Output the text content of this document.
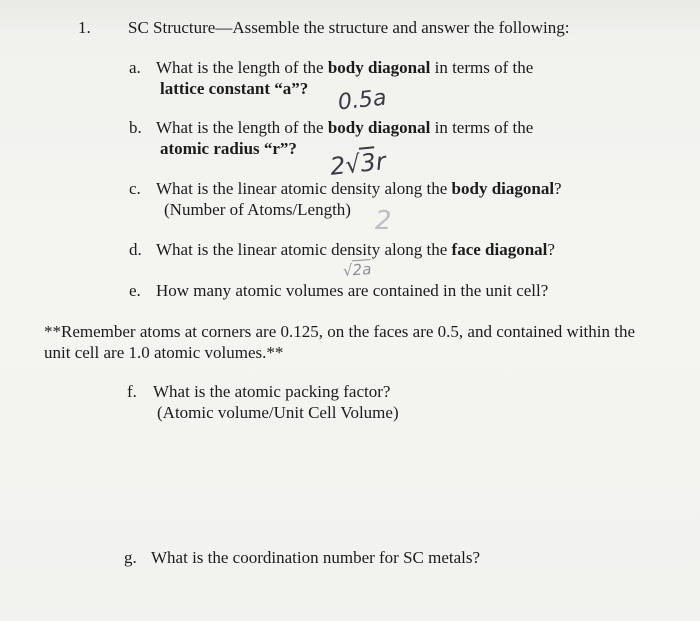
1. SC Structure—Assemble the structure and answer the following:
a. What is the length of the body diagonal in terms of the
lattice constant “a”? 0.5a
b. What is the length of the body diagonal in terms of the
atomic radius “r”?
2√3r
c. What is the linear atomic density along the body diagonal?
(Number of Atoms/Length) 2
d. What is the linear atomic density along the face diagonal?
√2a
e. How many atomic volumes are contained in the unit cell?
**Remember atoms at corners are 0.125, on the faces are 0.5, and contained within the
unit cell are 1.0 atomic volumes.**
f. What is the atomic packing factor?
(Atomic volume/Unit Cell Volume)
g. What is the coordination number for SC metals?
